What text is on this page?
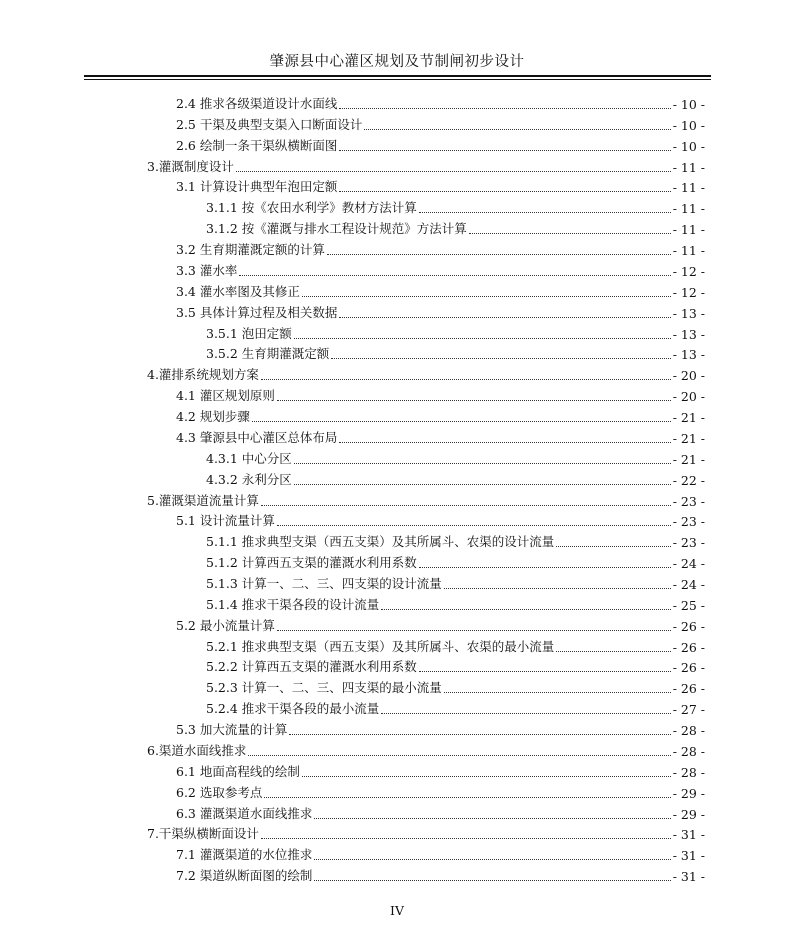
肇源县中心灌区规划及节制闸初步设计
2.4 推求各级渠道设计水面线	- 10 -
2.5 干渠及典型支渠入口断面设计	- 10 -
2.6 绘制一条干渠纵横断面图	- 10 -
3.灌溉制度设计	- 11 -
3.1 计算设计典型年泡田定额	- 11 -
3.1.1 按《农田水利学》教材方法计算	- 11 -
3.1.2 按《灌溉与排水工程设计规范》方法计算	- 11 -
3.2 生育期灌溉定额的计算	- 11 -
3.3 灌水率	- 12 -
3.4 灌水率图及其修正	- 12 -
3.5 具体计算过程及相关数据	- 13 -
3.5.1 泡田定额	- 13 -
3.5.2 生育期灌溉定额	- 13 -
4.灌排系统规划方案	- 20 -
4.1 灌区规划原则	- 20 -
4.2 规划步骤	- 21 -
4.3 肇源县中心灌区总体布局	- 21 -
4.3.1 中心分区	- 21 -
4.3.2 永利分区	- 22 -
5.灌溉渠道流量计算	- 23 -
5.1 设计流量计算	- 23 -
5.1.1 推求典型支渠（西五支渠）及其所属斗、农渠的设计流量	- 23 -
5.1.2 计算西五支渠的灌溉水利用系数	- 24 -
5.1.3 计算一、二、三、四支渠的设计流量	- 24 -
5.1.4 推求干渠各段的设计流量	- 25 -
5.2 最小流量计算	- 26 -
5.2.1 推求典型支渠（西五支渠）及其所属斗、农渠的最小流量	- 26 -
5.2.2 计算西五支渠的灌溉水利用系数	- 26 -
5.2.3 计算一、二、三、四支渠的最小流量	- 26 -
5.2.4 推求干渠各段的最小流量	- 27 -
5.3 加大流量的计算	- 28 -
6.渠道水面线推求	- 28 -
6.1 地面高程线的绘制	- 28 -
6.2 选取参考点	- 29 -
6.3 灌溉渠道水面线推求	- 29 -
7.干渠纵横断面设计	- 31 -
7.1 灌溉渠道的水位推求	- 31 -
7.2 渠道纵断面图的绘制	- 31 -
IV
